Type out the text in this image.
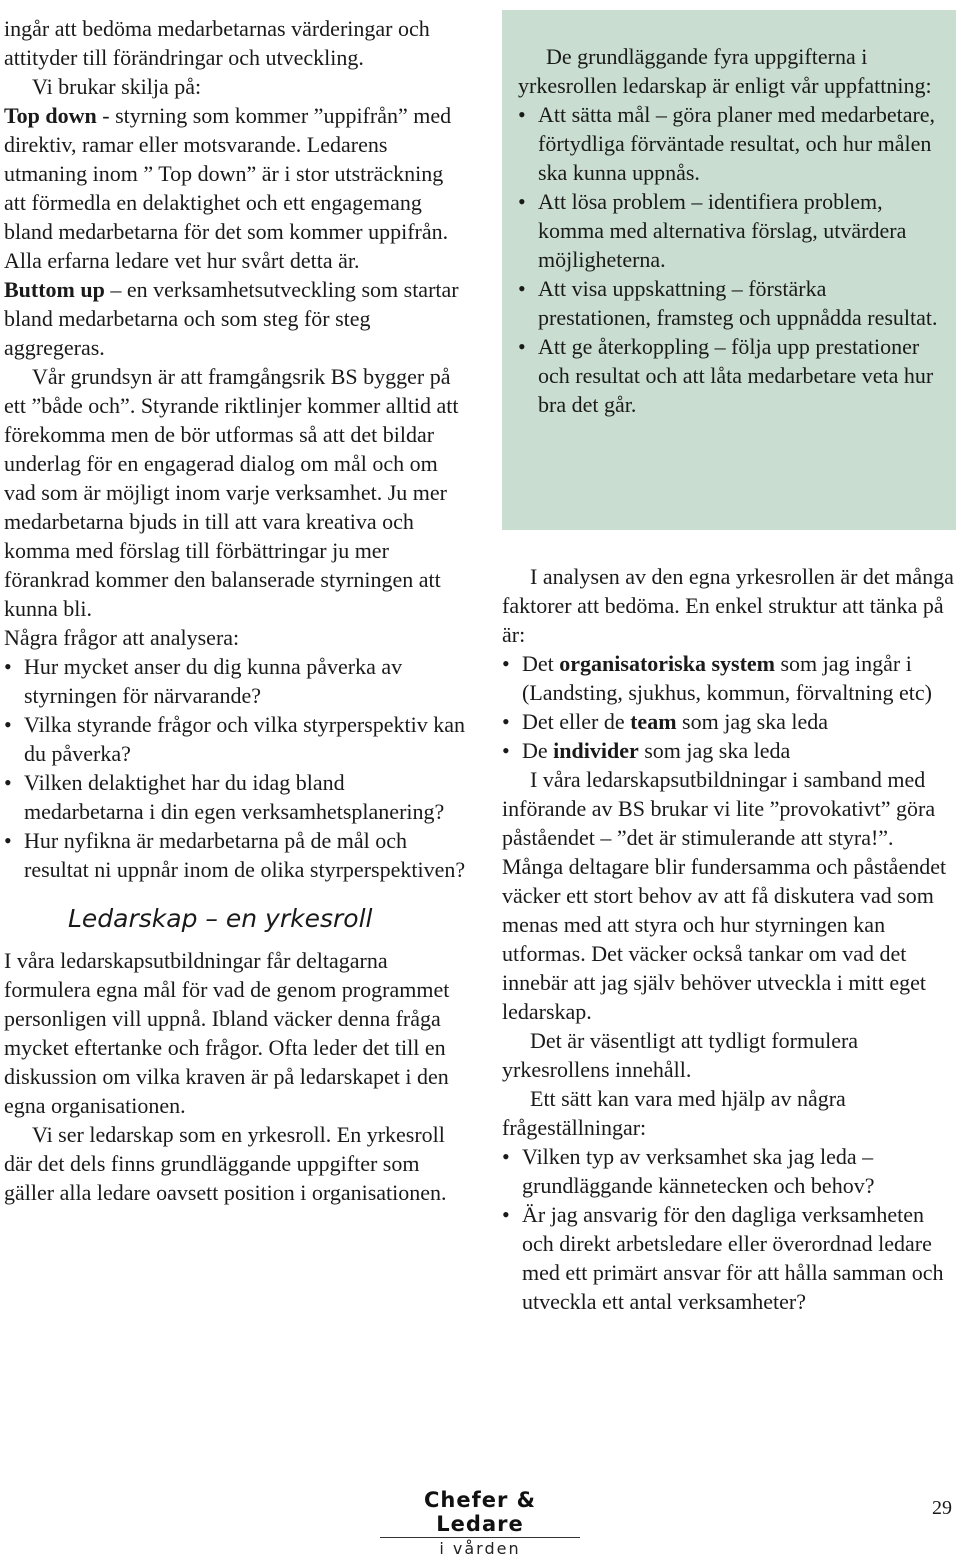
ingår att bedöma medarbetarnas värderingar och attityder till förändringar och utveckling.

Vi brukar skilja på:

Top down - styrning som kommer ”uppifrån” med direktiv, ramar eller motsvarande. Ledarens utmaning inom ” Top down” är i stor utsträckning att förmedla en delaktighet och ett engagemang bland medarbetarna för det som kommer uppifrån. Alla erfarna ledare vet hur svårt detta är.

Buttom up – en verksamhetsutveckling som startar bland medarbetarna och som steg för steg aggregeras.

Vår grundsyn är att framgångsrik BS bygger på ett ”både och”. Styrande riktlinjer kommer alltid att förekomma men de bör utformas så att det bildar underlag för en engagerad dialog om mål och om vad som är möjligt inom varje verksamhet. Ju mer medarbetarna bjuds in till att vara kreativa och komma med förslag till förbättringar ju mer förankrad kommer den balanserade styrningen att kunna bli.

Några frågor att analysera:

• Hur mycket anser du dig kunna påverka av styrningen för närvarande?

• Vilka styrande frågor och vilka styrperspektiv kan du påverka?

• Vilken delaktighet har du idag bland medarbetarna i din egen verksamhetsplanering?

• Hur nyfikna är medarbetarna på de mål och resultat ni uppnår inom de olika styrperspektiven?

Ledarskap – en yrkesroll

I våra ledarskapsutbildningar får deltagarna formulera egna mål för vad de genom programmet personligen vill uppnå. Ibland väcker denna fråga mycket eftertanke och frågor. Ofta leder det till en diskussion om vilka kraven är på ledarskapet i den egna organisationen.

Vi ser ledarskap som en yrkesroll. En yrkesroll där det dels finns grundläggande uppgifter som gäller alla ledare oavsett position i organisationen.

De grundläggande fyra uppgifterna i yrkesrollen ledarskap är enligt vår uppfattning:

• Att sätta mål – göra planer med medarbetare, förtydliga förväntade resultat, och hur målen ska kunna uppnås.

• Att lösa problem – identifiera problem, komma med alternativa förslag, utvärdera möjligheterna.

• Att visa uppskattning – förstärka prestationen, framsteg och uppnådda resultat.

• Att ge återkoppling – följa upp prestationer och resultat och att låta medarbetare veta hur bra det går.

I analysen av den egna yrkesrollen är det många faktorer att bedöma. En enkel struktur att tänka på är:

• Det organisatoriska system som jag ingår i (Landsting, sjukhus, kommun, förvaltning etc)

• Det eller de team som jag ska leda

• De individer som jag ska leda

I våra ledarskapsutbildningar i samband med införande av BS brukar vi lite ”provokativt” göra påståendet – ”det är stimulerande att styra!”. Många deltagare blir fundersamma och påståendet väcker ett stort behov av att få diskutera vad som menas med att styra och hur styrningen kan utformas. Det väcker också tankar om vad det innebär att jag själv behöver utveckla i mitt eget ledarskap.

Det är väsentligt att tydligt formulera yrkesrollens innehåll.

Ett sätt kan vara med hjälp av några frågeställningar:

• Vilken typ av verksamhet ska jag leda – grundläggande kännetecken och behov?

• Är jag ansvarig för den dagliga verksamheten och direkt arbetsledare eller överordnad ledare med ett primärt ansvar för att hålla samman och utveckla ett antal verksamheter?

Chefer & Ledare
i vården
29
